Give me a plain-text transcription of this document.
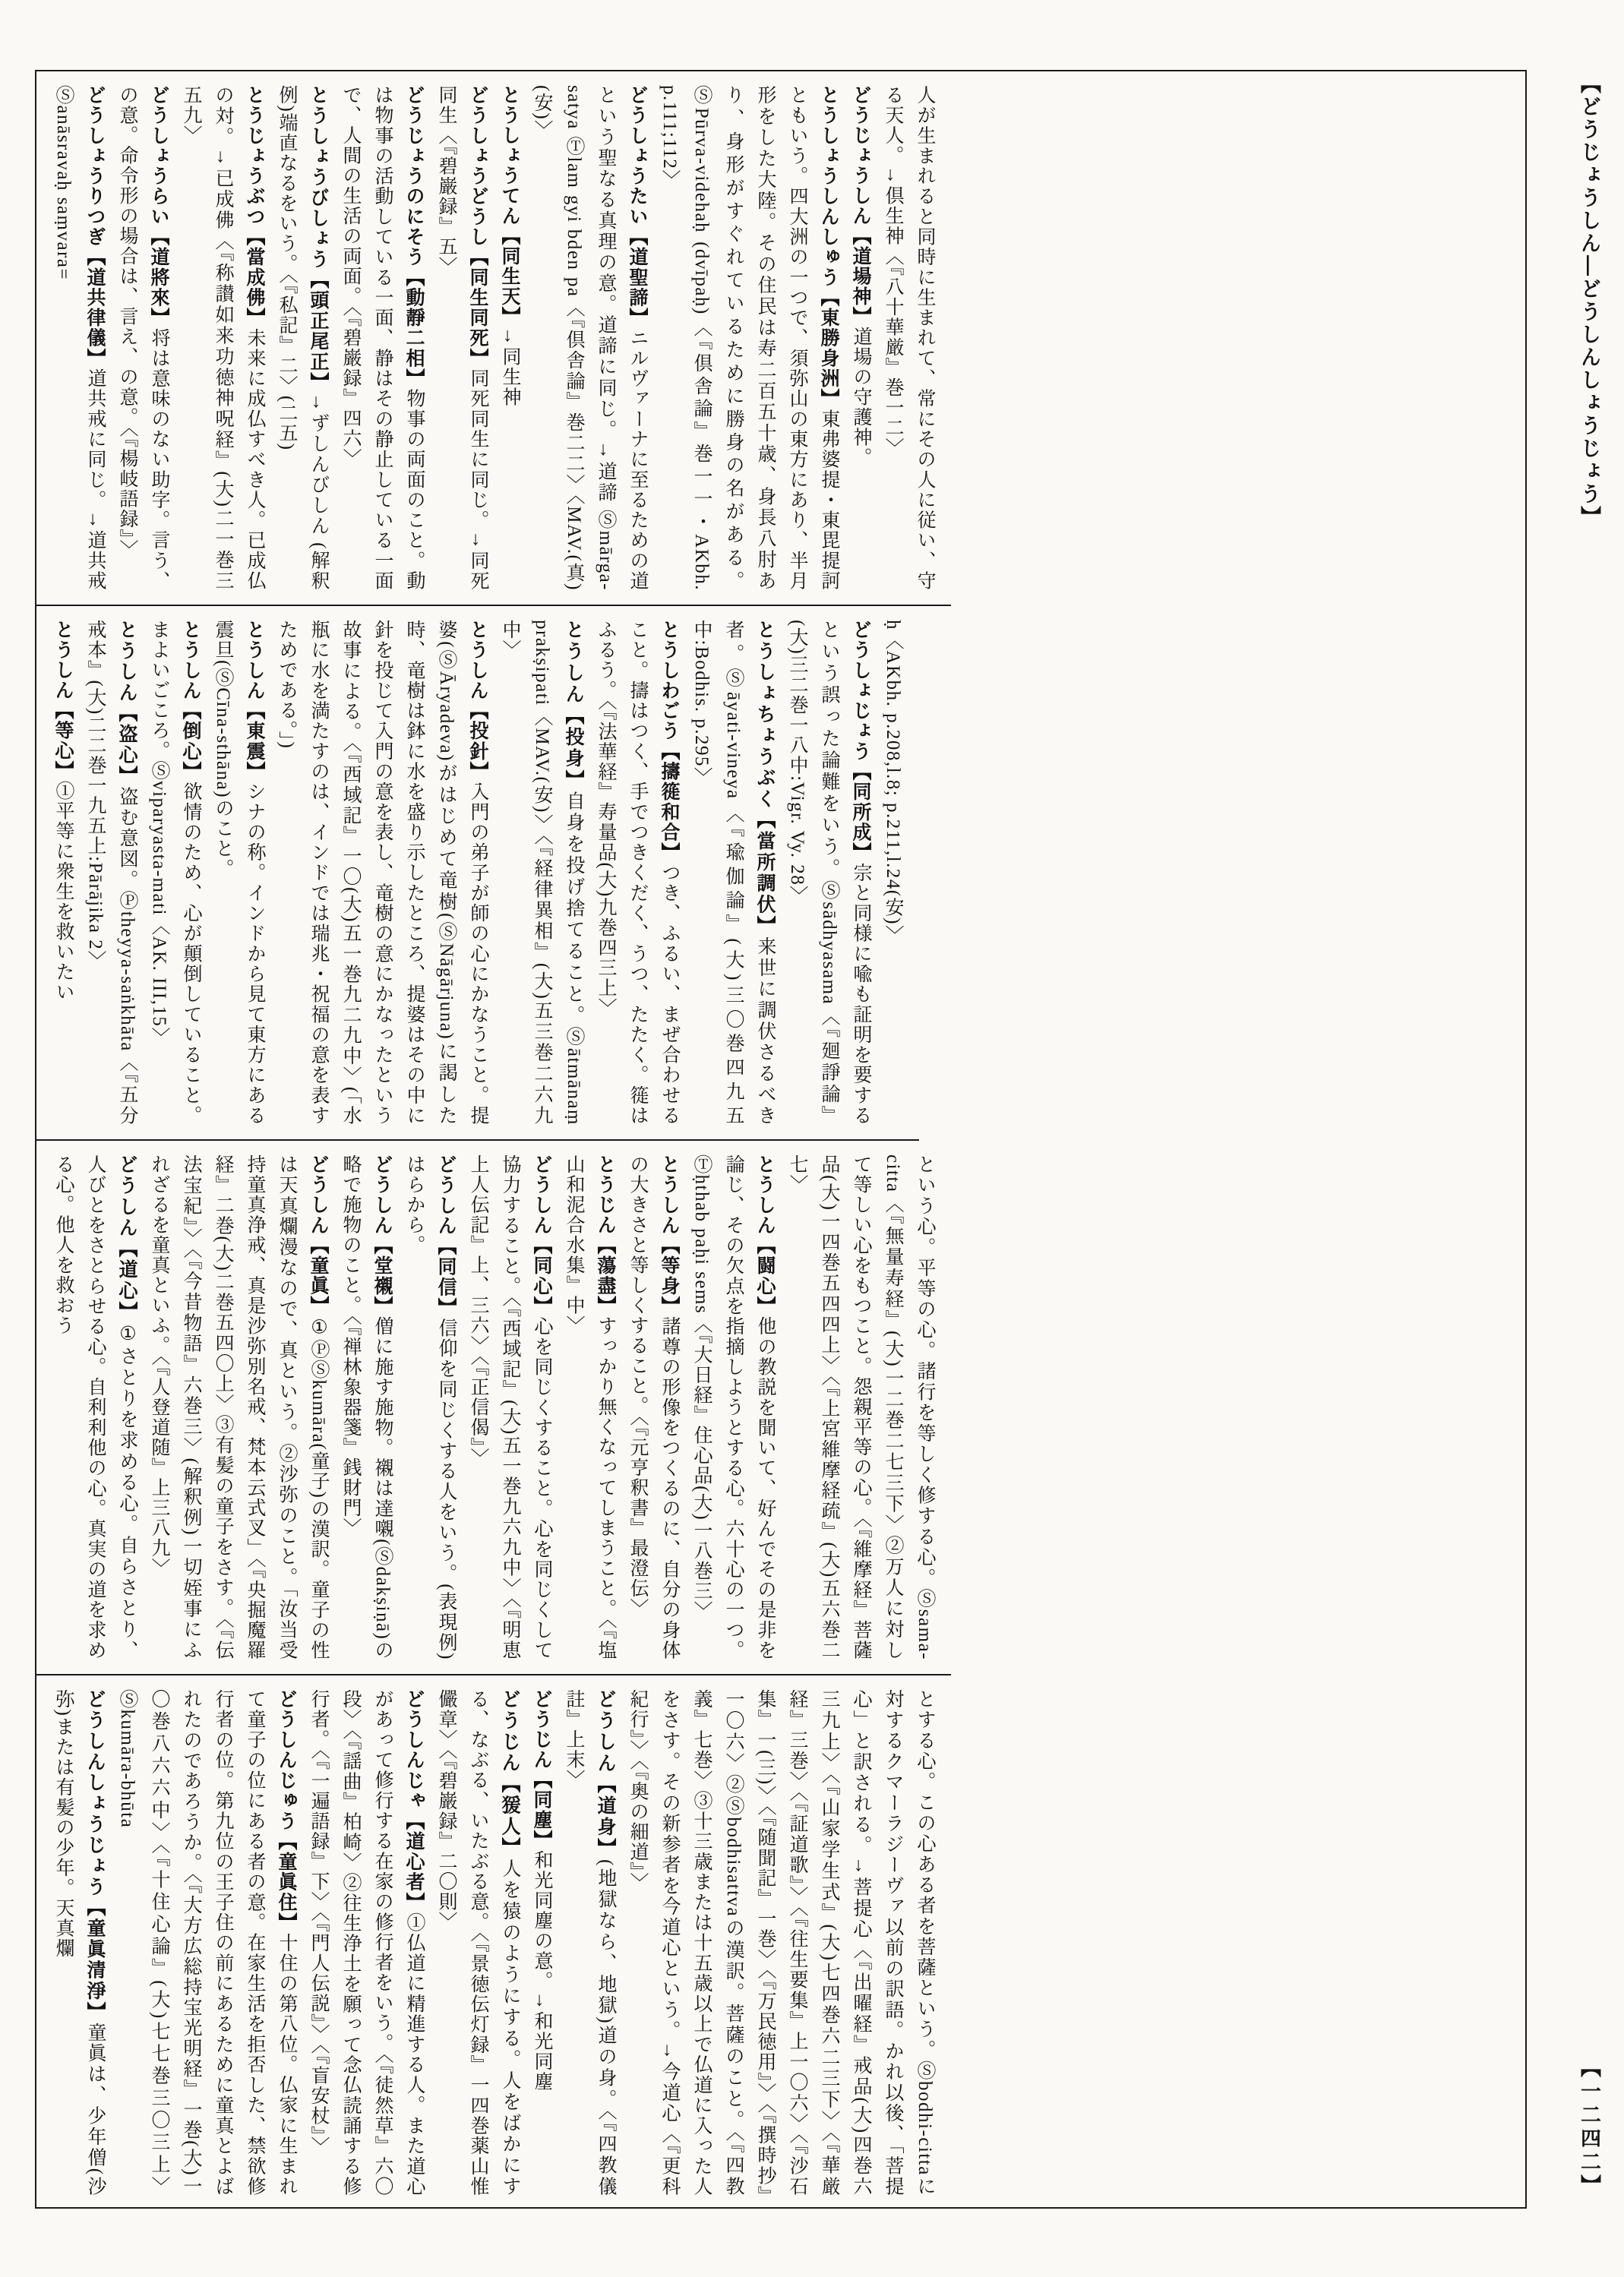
【どうじょうしん―どうしんしょうじょう】

人が生まれると同時に生まれて、常にその人に従い、守る天人。→倶生神〈『八十華厳』巻一二〉

どうじょうしん【道場神】道場の守護神。

とうしょうしんしゅう【東勝身洲】東弗婆提・東毘提訶ともいう。四大洲の一つで、須弥山の東方にあり、半月形をした大陸。その住民は寿二百五十歳、身長八肘あり、身形がすぐれているために勝身の名がある。ⓈPūrva-videhaḥ (dvīpaḥ)〈『倶舎論』巻一一・AKbh. p.111;112〉

どうしょうたい【道聖諦】ニルヴァーナに至るための道という聖なる真理の意。道諦に同じ。→道諦 Ⓢmārga-satya Ⓣlam gyi bden pa〈『倶舎論』巻二二〉〈MAV.(真)(安)〉

とうしょうてん【同生天】→同生神

どうしょうどうし【同生同死】同死同生に同じ。→同死同生〈『碧巌録』五〉

どうじょうのにそう【動靜二相】物事の両面のこと。動は物事の活動している一面、静はその静止している一面で、人間の生活の両面。〈『碧巌録』四六〉

とうしょうびしょう【頭正尾正】→ずしんびしん (解釈例)端直なるをいう。〈『私記』二〉(二五)

とうじょうぶつ【當成佛】未来に成仏すべき人。已成仏の対。→已成佛〈『称讃如来功徳神呪経』(大)二一巻三五九〉

どうしょうらい【道將來】将は意味のない助字。言う、の意。命令形の場合は、言え、の意。〈『楊岐語録』〉

どうしょうりつぎ【道共律儀】道共戒に同じ。→道共戒 Ⓢanāsravaḥ saṃvara=

ḥ〈AKbh. p.208,l.8; p.211,l.24(安)〉

どうしょじょう【同所成】宗と同様に喩も証明を要するという誤った論難をいう。Ⓢsādhyasama〈『廻諍論』(大)三二巻一八中:Vigr. Vy. 28〉

とうしょちょうぶく【當所調伏】来世に調伏さるべき者。Ⓢāyati-vineya〈『瑜伽論』(大)三〇巻四九五中:Bodhis. p.295〉

とうしわごう【擣簁和合】つき、ふるい、まぜ合わせること。擣はつく、手でつきくだく、うつ、たたく。簁はふるう。〈『法華経』寿量品(大)九巻四三上〉

とうしん【投身】自身を投げ捨てること。Ⓢātmānaṃ prakṣipati〈MAV.(安)〉〈『経律異相』(大)五三巻二六九中〉

とうしん【投針】入門の弟子が師の心にかなうこと。提婆(ⓈĀryadeva)がはじめて竜樹(ⓈNāgārjuna)に謁した時、竜樹は鉢に水を盛り示したところ、提婆はその中に針を投じて入門の意を表し、竜樹の意にかなったという故事による。〈『西域記』一〇(大)五一巻九二九中〉(「水瓶に水を満たすのは、インドでは瑞兆・祝福の意を表すためである。」)

とうしん【東震】シナの称。インドから見て東方にある震旦(ⓈCīna-sthāna)のこと。

とうしん【倒心】欲情のため、心が顛倒していること。まよいごころ。Ⓢviparyasta-mati〈AK. III,15〉

とうしん【盗心】盗む意図。Ⓟtheyya-saṅkhāta〈『五分戒本』(大)二二巻一九五上:Pārājika 2〉

とうしん【等心】①平等に衆生を救いたい

という心。平等の心。諸行を等しく修する心。Ⓢsama-citta〈『無量寿経』(大)一二巻二七三下〉②万人に対して等しい心をもつこと。怨親平等の心。〈『維摩経』菩薩品(大)一四巻五四四上〉〈『上宮維摩経疏』(大)五六巻二七〉

とうしん【闘心】他の教説を聞いて、好んでその是非を論じ、その欠点を指摘しようとする心。六十心の一つ。Ⓣḥthab paḥi sems〈『大日経』住心品(大)一八巻三〉

とうしん【等身】諸尊の形像をつくるのに、自分の身体の大きさと等しくすること。〈『元亨釈書』最澄伝〉

とうじん【蕩盡】すっかり無くなってしまうこと。〈『塩山和泥合水集』中〉

どうしん【同心】心を同じくすること。心を同じくして協力すること。〈『西域記』(大)五一巻九六九中〉〈『明恵上人伝記』上、三六〉〈『正信偈』〉

どうしん【同信】信仰を同じくする人をいう。(表現例)はらから。

どうしん【堂襯】僧に施す施物。襯は達嚫(Ⓢdakṣiṇā)の略で施物のこと。〈『禅林象器箋』銭財門〉

どうしん【童眞】①ⓅⓈkumāra(童子)の漢訳。童子の性は天真爛漫なので、真という。②沙弥のこと。「汝当受持童真浄戒、真是沙弥別名戒、梵本云式叉」〈『央掘魔羅経』二巻(大)二巻五四〇上〉③有髪の童子をさす。〈『伝法宝紀』〉〈『今昔物語』六巻三〉(解釈例)一切姪事にふれざるを童真といふ。〈『人登道随』上三八九〉

どうしん【道心】①さとりを求める心。自らさとり、人びとをさとらせる心。自利利他の心。真実の道を求める心。他人を救おう

とする心。この心ある者を菩薩という。Ⓢbodhi-cittaに対するクマーラジーヴァ以前の訳語。かれ以後、「菩提心」と訳される。→菩提心〈『出曜経』戒品(大)四巻六三九上〉〈『山家学生式』(大)七四巻六二三下〉〈『華厳経』三巻〉〈『証道歌』〉〈『往生要集』上一〇六〉〈『沙石集』一(三)〉〈『随聞記』一巻〉〈『万民徳用』〉〈『撰時抄』一〇六〉②Ⓢbodhisattvaの漢訳。菩薩のこと。〈『四教義』七巻〉③十三歳または十五歳以上で仏道に入った人をさす。その新参者を今道心という。→今道心〈『更科紀行』〉〈『奥の細道』〉

どうしん【道身】(地獄なら、地獄)道の身。〈『四教儀註』上末〉

どうじん【同塵】和光同塵の意。→和光同塵

どうじん【猨人】人を猿のようにする。人をばかにする、なぶる、いたぶる意。〈『景徳伝灯録』一四巻薬山惟儼章〉〈『碧巌録』二〇則〉

どうしんじゃ【道心者】①仏道に精進する人。また道心があって修行する在家の修行者をいう。〈『徒然草』六〇段〉〈『謡曲』柏崎〉②往生浄土を願って念仏読誦する修行者。〈『一遍語録』下〉〈『門人伝説』〉〈『盲安杖』〉

どうしんじゅう【童眞住】十住の第八位。仏家に生まれて童子の位にある者の意。在家生活を拒否した、禁欲修行者の位。第九位の王子住の前にあるために童真とよばれたのであろうか。〈『大方広総持宝光明経』一巻(大)一〇巻八六六中〉〈『十住心論』(大)七七巻三〇三上〉Ⓢkumāra-bhūta

どうしんしょうじょう【童眞清淨】童眞は、少年僧(沙弥)または有髪の少年。天真爛

【一二四二】
